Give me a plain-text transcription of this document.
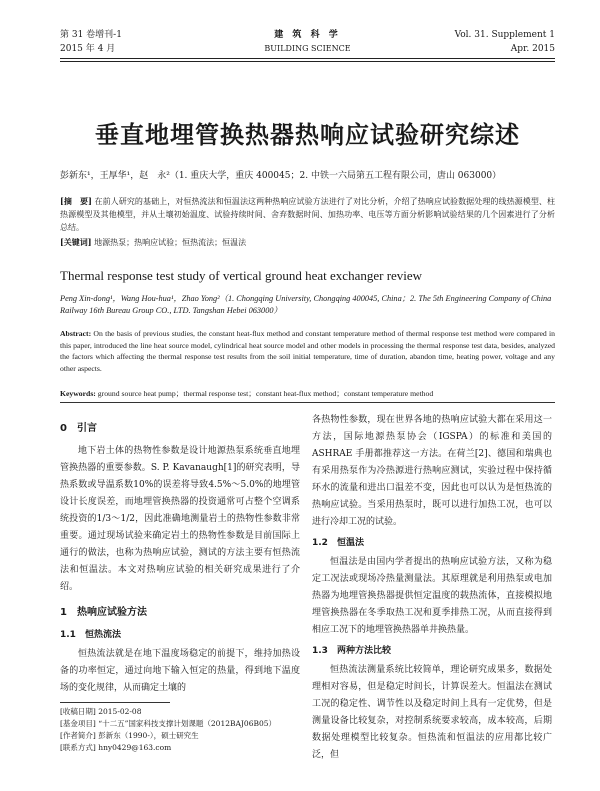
第 31 卷增刊-1
2015 年 4 月
建 筑 科 学
BUILDING SCIENCE
Vol. 31. Supplement 1
Apr. 2015
垂直地埋管换热器热响应试验研究综述
彭新东¹，王厚华¹，赵　永²（1. 重庆大学，重庆 400045；2. 中铁一六局第五工程有限公司，唐山 063000）
[摘　要] 在前人研究的基础上，对恒热流法和恒温法这两种热响应试验方法进行了对比分析，介绍了热响应试验数据处理的线热源模型、柱热源模型及其他模型，并从土壤初始温度、试验持续时间、舍弃数据时间、加热功率、电压等方面分析影响试验结果的几个因素进行了分析总结。
[关键词] 地源热泵；热响应试验；恒热流法；恒温法
Thermal response test study of vertical ground heat exchanger review
Peng Xin-dong¹，Wang Hou-hua¹，Zhao Yong²（1. Chongqing University, Chongqing 400045, China；2. The 5th Engineering Company of China Railway 16th Bureau Group CO., LTD. Tangshan Hebei 063000）
Abstract: On the basis of previous studies, the constant heat-flux method and constant temperature method of thermal response test method were compared in this paper, introduced the line heat source model, cylindrical heat source model and other models in processing the thermal response test data, besides, analyzed the factors which affecting the thermal response test results from the soil initial temperature, time of duration, abandon time, heating power, voltage and any other aspects.
Keywords: ground source heat pump；thermal response test；constant heat-flux method；constant temperature method
0　引言

地下岩土体的热物性参数是设计地源热泵系统垂直地埋管换热器的重要参数。S. P. Kavanaugh[1]的研究表明，导热系数或导温系数10%的误差将导致4.5%～5.0%的地埋管设计长度误差，而地埋管换热器的投资通常可占整个空调系统投资的1/3～1/2，因此准确地测量岩土的热物性参数非常重要。通过现场试验来确定岩土的热物性参数是目前国际上通行的做法，也称为热响应试验，测试的方法主要有恒热流法和恒温法。本文对热响应试验的相关研究成果进行了介绍。

1　热响应试验方法
1.1　恒热流法

恒热流法就是在地下温度场稳定的前提下，维持加热设备的功率恒定，通过向地下输入恒定的热量，得到地下温度场的变化规律，从而确定土壤的

各热物性参数，现在世界各地的热响应试验大都在采用这一方法，国际地源热泵协会（IGSPA）的标准和美国的 ASHRAE 手册都推荐这一方法。在荷兰[2]、德国和瑞典也有采用热泵作为冷热源进行热响应测试，实验过程中保持循环水的流量和进出口温差不变，因此也可以认为是恒热流的热响应试验。当采用热泵时，既可以进行加热工况，也可以进行冷却工况的试验。

1.2　恒温法

恒温法是由国内学者提出的热响应试验方法，又称为稳定工况法或现场冷热量测量法。其原理就是利用热泵或电加热器为地埋管换热器提供恒定温度的载热流体，直接模拟地埋管换热器在冬季取热工况和夏季排热工况，从而直接得到相应工况下的地埋管换热器单井换热量。

1.3　两种方法比较

恒热流法测量系统比较简单，理论研究成果多，数据处理相对容易，但是稳定时间长，计算误差大。恒温法在测试工况的稳定性、调节性以及稳定时间上具有一定优势，但是测量设备比较复杂，对控制系统要求较高，成本较高，后期数据处理模型比较复杂。恒热流和恒温法的应用都比较广泛，但

[收稿日期] 2015-02-08
[基金项目] “十二五”国家科技支撑计划课题（2012BAJ06B05）
[作者简介] 彭新东（1990-），硕士研究生
[联系方式] hny0429@163.com
